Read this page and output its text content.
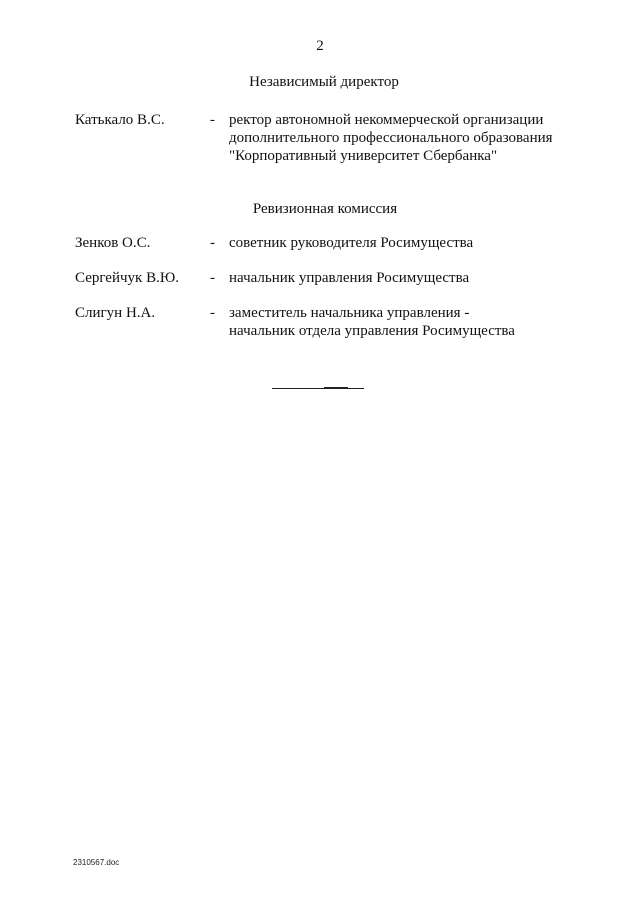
2
Независимый директор
Катькало В.С.	- ректор автономной некоммерческой организации
дополнительного профессионального образования
"Корпоративный университет Сбербанка"
Ревизионная комиссия
Зенков О.С.	- советник руководителя Росимущества
Сергейчук В.Ю. - начальник управления Росимущества
Слигун Н.А.	- заместитель начальника управления -
начальник отдела управления Росимущества
2310567.doc
